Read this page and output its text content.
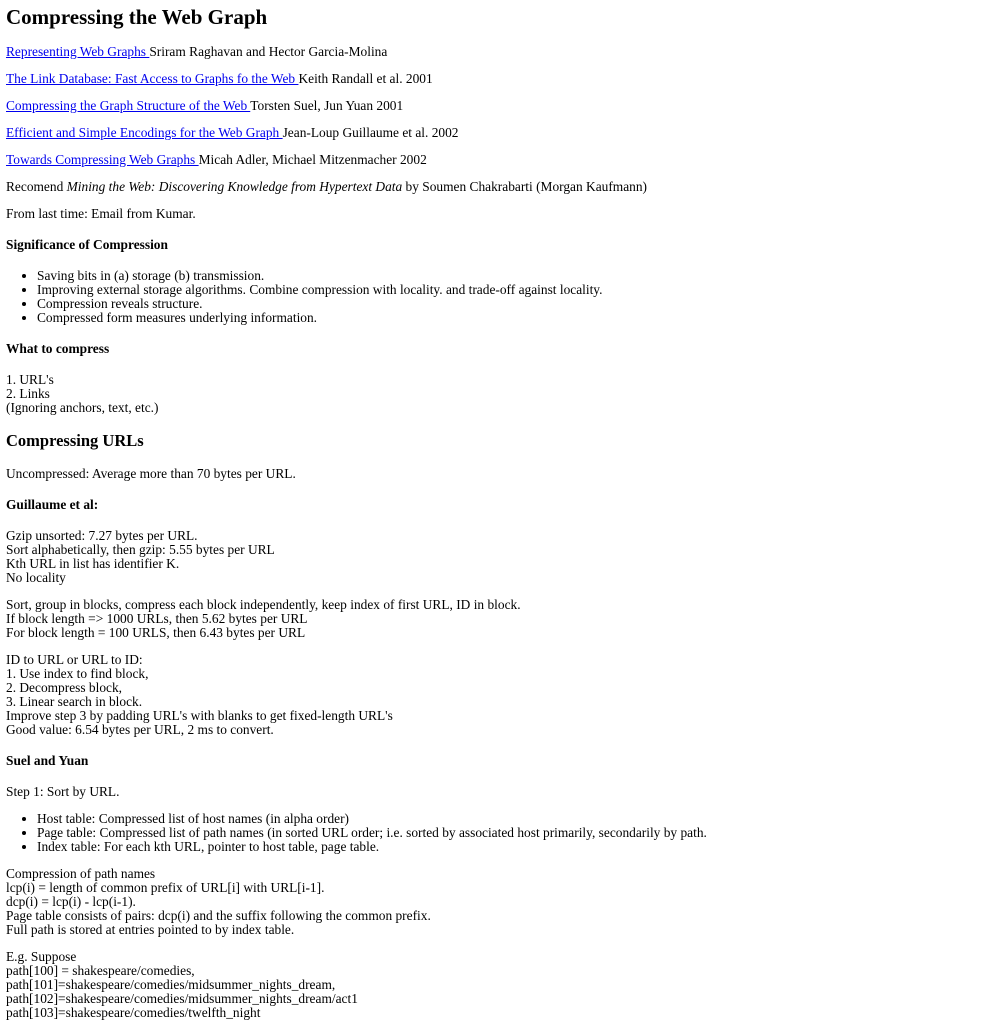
Compressing the Web Graph

Representing Web Graphs Sriram Raghavan and Hector Garcia-Molina

The Link Database: Fast Access to Graphs fo the Web Keith Randall et al. 2001

Compressing the Graph Structure of the Web Torsten Suel, Jun Yuan 2001

Efficient and Simple Encodings for the Web Graph Jean-Loup Guillaume et al. 2002

Towards Compressing Web Graphs Micah Adler, Michael Mitzenmacher 2002

Recomend Mining the Web: Discovering Knowledge from Hypertext Data by Soumen Chakrabarti (Morgan Kaufmann)

From last time: Email from Kumar.

Significance of Compression
• Saving bits in (a) storage (b) transmission.
• Improving external storage algorithms. Combine compression with locality. and trade-off against locality.
• Compression reveals structure.
• Compressed form measures underlying information.
What to compress

1. URL's
2. Links
(Ignoring anchors, text, etc.)

Compressing URLs

Uncompressed: Average more than 70 bytes per URL.

Guillaume et al:

Gzip unsorted: 7.27 bytes per URL.
Sort alphabetically, then gzip: 5.55 bytes per URL
Kth URL in list has identifier K.
No locality

Sort, group in blocks, compress each block independently, keep index of first URL, ID in block.
If block length => 1000 URLs, then 5.62 bytes per URL
For block length = 100 URLS, then 6.43 bytes per URL

ID to URL or URL to ID:
1. Use index to find block,
2. Decompress block,
3. Linear search in block.
Improve step 3 by padding URL's with blanks to get fixed-length URL's
Good value: 6.54 bytes per URL, 2 ms to convert.

Suel and Yuan

Step 1: Sort by URL.

• Host table: Compressed list of host names (in alpha order)
• Page table: Compressed list of path names (in sorted URL order; i.e. sorted by associated host primarily, secondarily by path.
• Index table: For each kth URL, pointer to host table, page table.

Compression of path names
lcp(i) = length of common prefix of URL[i] with URL[i-1].
dcp(i) = lcp(i) - lcp(i-1).
Page table consists of pairs: dcp(i) and the suffix following the common prefix.
Full path is stored at entries pointed to by index table.

E.g. Suppose
path[100] = shakespeare/comedies,
path[101]=shakespeare/comedies/midsummer_nights_dream,
path[102]=shakespeare/comedies/midsummer_nights_dream/act1
path[103]=shakespeare/comedies/twelfth_night
